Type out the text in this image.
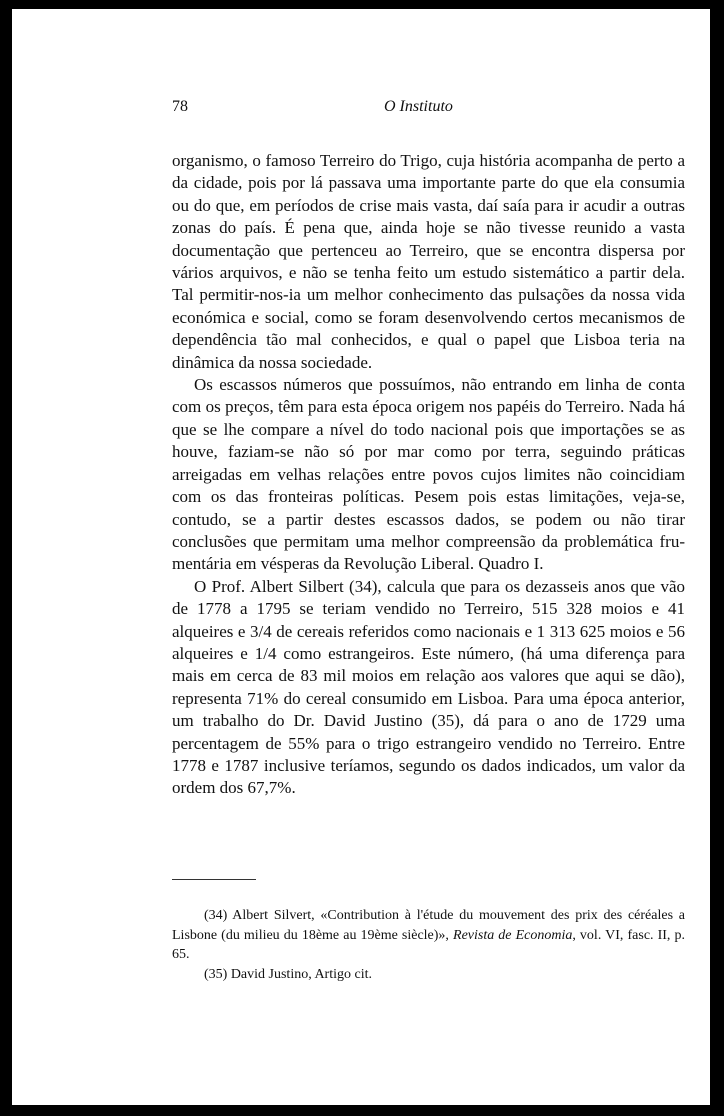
78	O Instituto

organismo, o famoso Terreiro do Trigo, cuja história acompanha de perto a da cidade, pois por lá passava uma importante parte do que ela consumia ou do que, em períodos de crise mais vasta, daí saía para ir acudir a outras zonas do país. É pena que, ainda hoje se não tivesse reunido a vasta documentação que pertenceu ao Terreiro, que se encontra dispersa por vários arquivos, e não se tenha feito um estudo sistemático a partir dela. Tal permitir-nos-ia um melhor conhecimento das pulsações da nossa vida económica e social, como se foram desenvolvendo certos mecanismos de dependência tão mal conhecidos, e qual o papel que Lisboa teria na dinâmica da nossa sociedade.

Os escassos números que possuímos, não entrando em linha de conta com os preços, têm para esta época origem nos papéis do Terreiro. Nada há que se lhe compare a nível do todo nacional pois que importações se as houve, faziam-se não só por mar como por terra, seguindo práticas arreigadas em velhas relações entre povos cujos limites não coincidiam com os das fronteiras políticas. Pesem pois estas limitações, veja-se, contudo, se a partir destes escassos dados, se podem ou não tirar conclusões que permitam uma melhor compreensão da problemática frumentária em vésperas da Revolução Liberal. Quadro I.

O Prof. Albert Silbert (34), calcula que para os dezasseis anos que vão de 1778 a 1795 se teriam vendido no Terreiro, 515 328 moios e 41 alqueires e 3/4 de cereais referidos como nacionais e 1 313 625 moios e 56 alqueires e 1/4 como estrangeiros. Este número, (há uma diferença para mais em cerca de 83 mil moios em relação aos valores que aqui se dão), representa 71% do cereal consumido em Lisboa. Para uma época anterior, um trabalho do Dr. David Justino (35), dá para o ano de 1729 uma percentagem de 55% para o trigo estrangeiro vendido no Terreiro. Entre 1778 e 1787 inclusive teríamos, segundo os dados indicados, um valor da ordem dos 67,7%.

(34) Albert Silvert, «Contribution à l'étude du mouvement des prix des céréales a Lisbone (du milieu du 18ème au 19ème siècle)», Revista de Economia, vol. VI, fasc. II, p. 65.

(35) David Justino, Artigo cit.
